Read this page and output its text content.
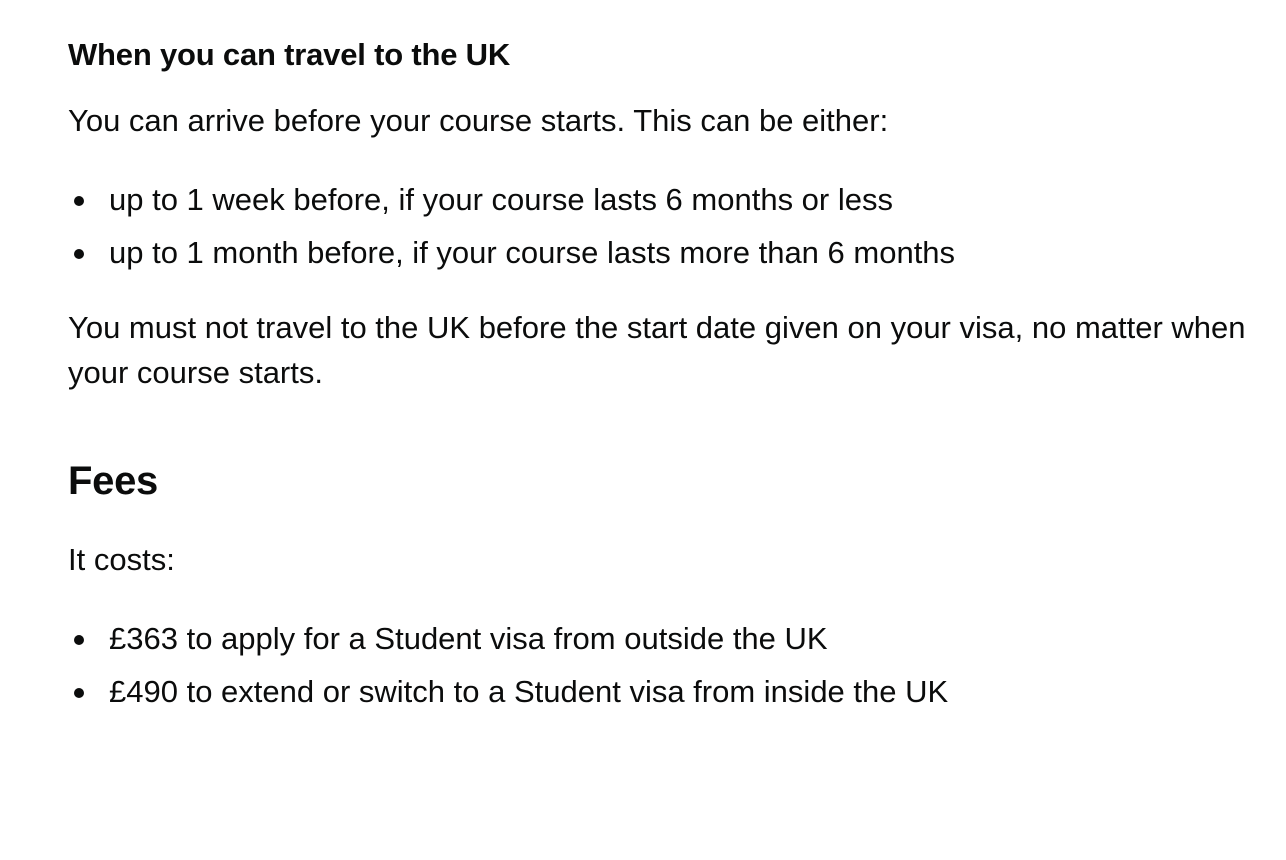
When you can travel to the UK

You can arrive before your course starts. This can be either:

up to 1 week before, if your course lasts 6 months or less
up to 1 month before, if your course lasts more than 6 months

You must not travel to the UK before the start date given on your visa, no matter when your course starts.

Fees

It costs:

£363 to apply for a Student visa from outside the UK
£490 to extend or switch to a Student visa from inside the UK
